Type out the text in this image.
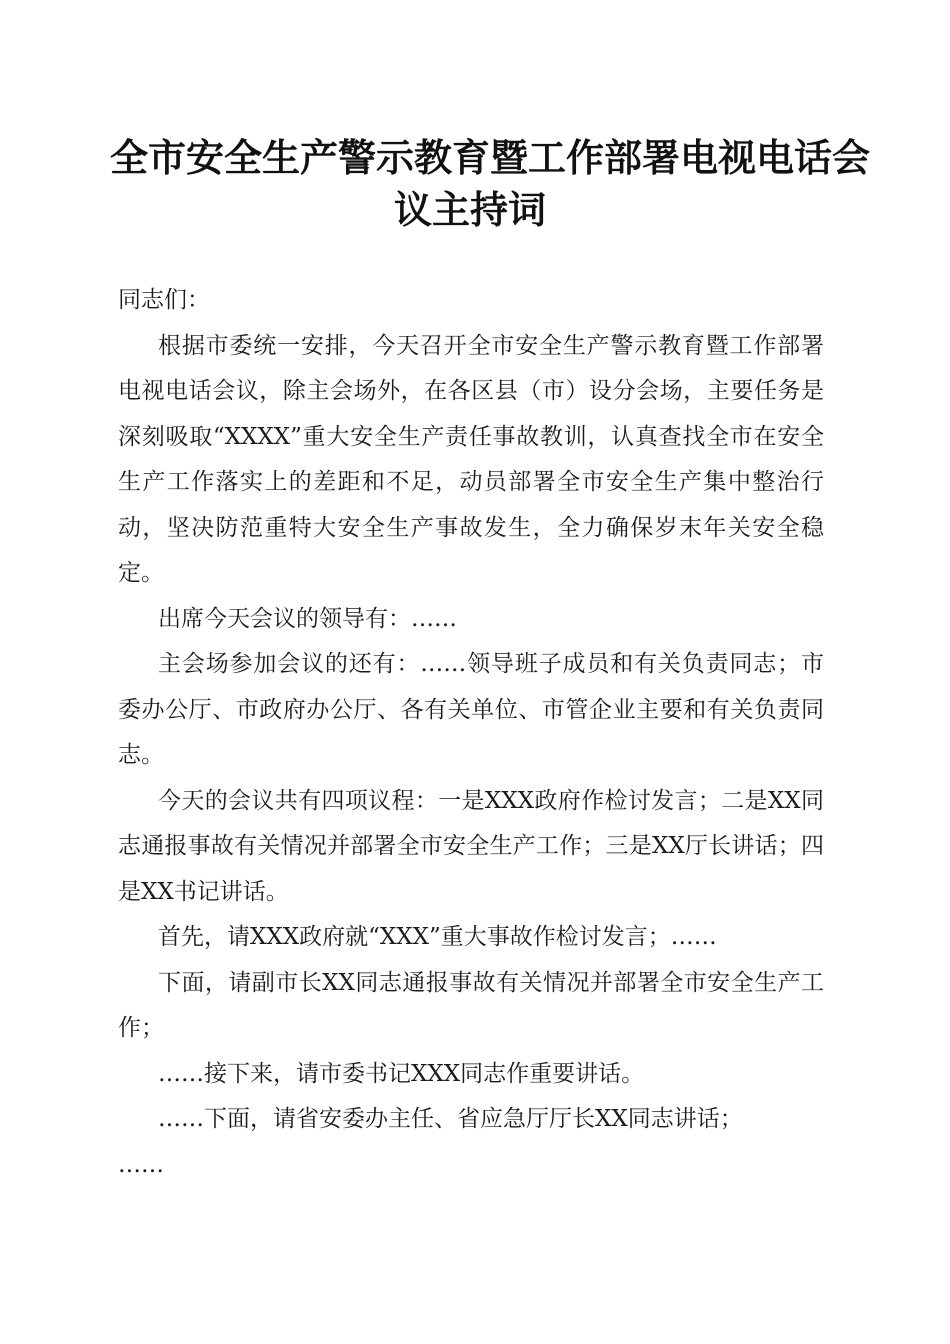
全市安全生产警示教育暨工作部署电视电话会
议主持词

同志们：

根据市委统一安排，今天召开全市安全生产警示教育暨工作部署电视电话会议，除主会场外，在各区县（市）设分会场，主要任务是深刻吸取“XXXX”重大安全生产责任事故教训，认真查找全市在安全生产工作落实上的差距和不足，动员部署全市安全生产集中整治行动，坚决防范重特大安全生产事故发生，全力确保岁末年关安全稳定。

出席今天会议的领导有：……

主会场参加会议的还有：……领导班子成员和有关负责同志；市委办公厅、市政府办公厅、各有关单位、市管企业主要和有关负责同志。

今天的会议共有四项议程：一是XXX政府作检讨发言；二是XX同志通报事故有关情况并部署全市安全生产工作；三是XX厅长讲话；四是XX书记讲话。

首先，请XXX政府就“XXX”重大事故作检讨发言；……

下面，请副市长XX同志通报事故有关情况并部署全市安全生产工作；

……接下来，请市委书记XXX同志作重要讲话。

……下面，请省安委办主任、省应急厅厅长XX同志讲话；

……
